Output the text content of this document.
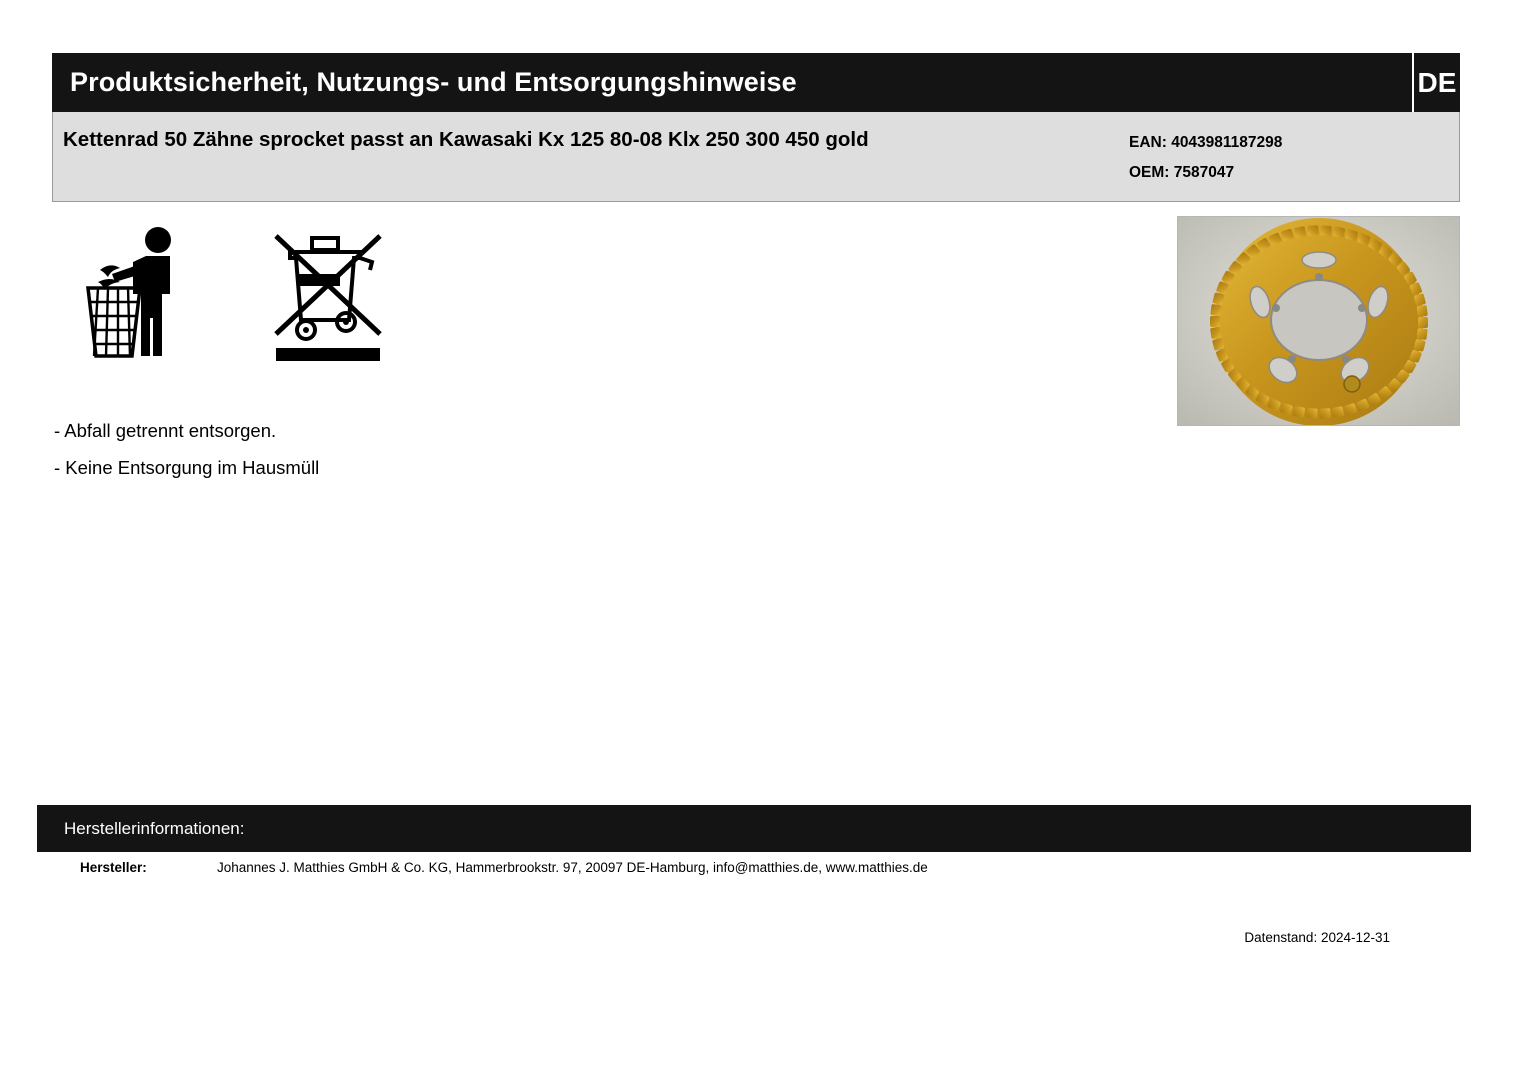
Produktsicherheit, Nutzungs- und Entsorgungshinweise	DE
Kettenrad 50 Zähne sprocket passt an Kawasaki Kx 125 80-08 Klx 250 300 450 gold	EAN: 4043981187298
OEM: 7587047
- Abfall getrennt entsorgen.
- Keine Entsorgung im Hausmüll
Herstellerinformationen:
Hersteller:	Johannes J. Matthies GmbH & Co. KG, Hammerbrookstr. 97, 20097 DE-Hamburg, info@matthies.de, www.matthies.de
Datenstand: 2024-12-31
